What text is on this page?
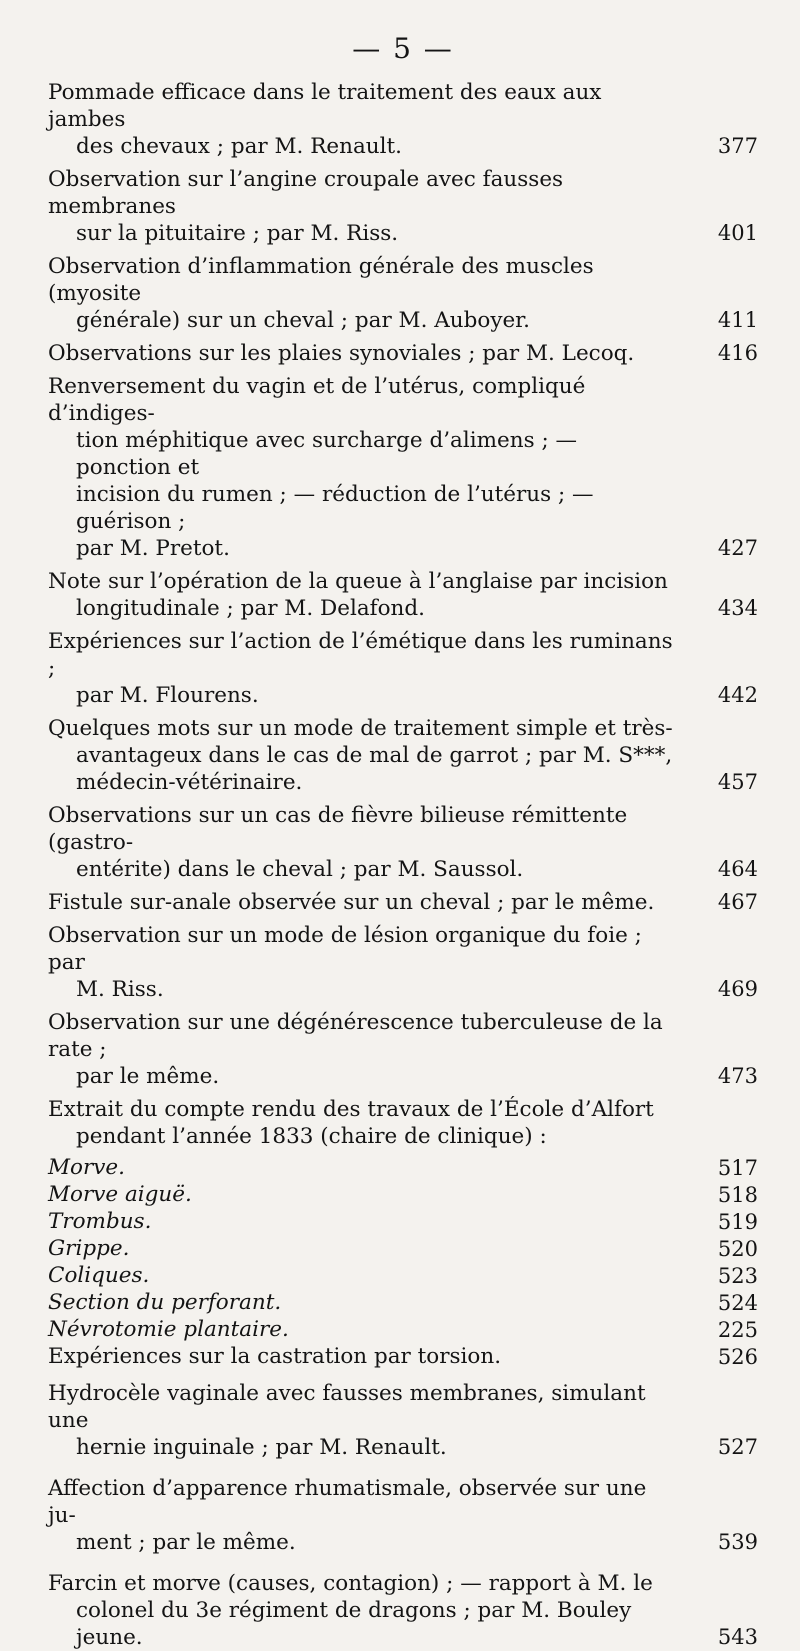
— 5 —
Pommade efficace dans le traitement des eaux aux jambes
des chevaux ; par M. Renault.	377
Observation sur l’angine croupale avec fausses membranes
sur la pituitaire ; par M. Riss.	401
Observation d’inflammation générale des muscles (myosite
générale) sur un cheval ; par M. Auboyer.	411
Observations sur les plaies synoviales ; par M. Lecoq.	416
Renversement du vagin et de l’utérus, compliqué d’indiges-
tion méphitique avec surcharge d’alimens ; — ponction et
incision du rumen ; — réduction de l’utérus ; — guérison ;
par M. Pretot.	427
Note sur l’opération de la queue à l’anglaise par incision
longitudinale ; par M. Delafond.	434
Expériences sur l’action de l’émétique dans les ruminans ;
par M. Flourens.	442
Quelques mots sur un mode de traitement simple et très-
avantageux dans le cas de mal de garrot ; par M. S***,
médecin-vétérinaire.	457
Observations sur un cas de fièvre bilieuse rémittente (gastro-
entérite) dans le cheval ; par M. Saussol.	464
Fistule sur-anale observée sur un cheval ; par le même.	467
Observation sur un mode de lésion organique du foie ; par
M. Riss.	469
Observation sur une dégénérescence tuberculeuse de la rate ;
par le même.	473
Extrait du compte rendu des travaux de l’École d’Alfort
pendant l’année 1833 (chaire de clinique) :
Morve.	517
Morve aiguë.	518
Trombus.	519
Grippe.	520
Coliques.	523
Section du perforant.	524
Névrotomie plantaire.	225
Expériences sur la castration par torsion.	526
Hydrocèle vaginale avec fausses membranes, simulant une
hernie inguinale ; par M. Renault.	527
Affection d’apparence rhumatismale, observée sur une ju-
ment ; par le même.	539
Farcin et morve (causes, contagion) ; — rapport à M. le
colonel du 3e régiment de dragons ; par M. Bouley jeune.	543
